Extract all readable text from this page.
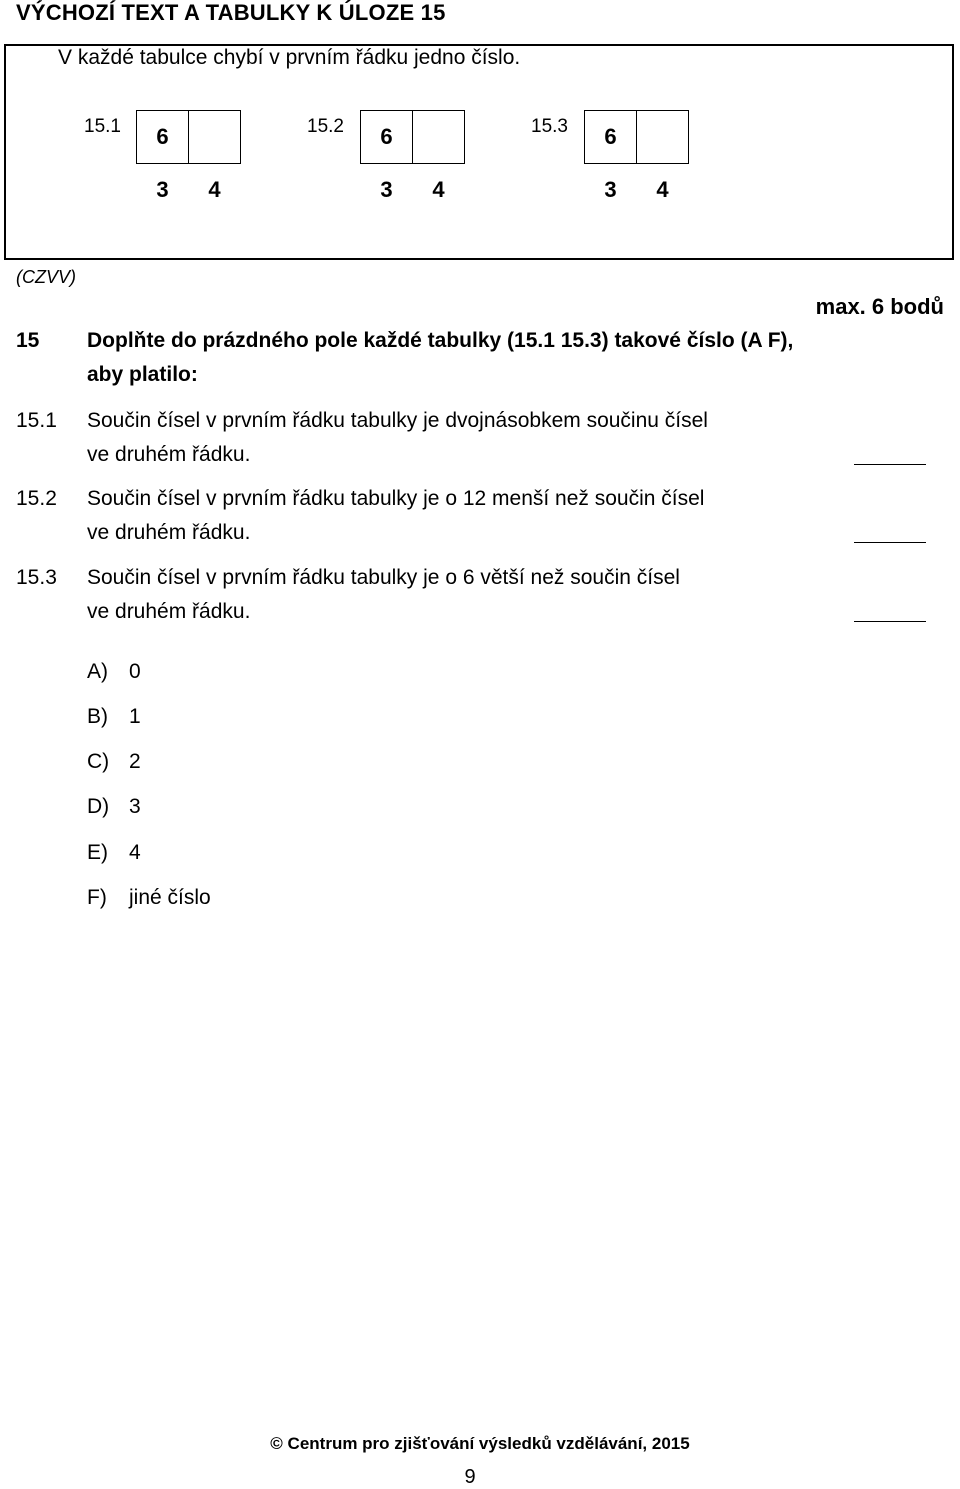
VÝCHOZÍ TEXT A TABULKY K ÚLOZE 15
V každé tabulce chybí v prvním řádku jedno číslo.
15.1 6	
3	4
15.2 6	
3	4
15.3 6	
3	4
(CZVV)
max. 6 bodů
15 Doplňte do prázdného pole každé tabulky (15.1 15.3) takové číslo (A F),
aby platilo:
15.1 Součin čísel v prvním řádku tabulky je dvojnásobkem součinu čísel
ve druhém řádku.
15.2 Součin čísel v prvním řádku tabulky je o 12 menší než součin čísel
ve druhém řádku.
15.3 Součin čísel v prvním řádku tabulky je o 6 větší než součin čísel
ve druhém řádku.
A) 0
B) 1
C) 2
D) 3
E) 4
F) jiné číslo
© Centrum pro zjišťování výsledků vzdělávání, 2015
9
